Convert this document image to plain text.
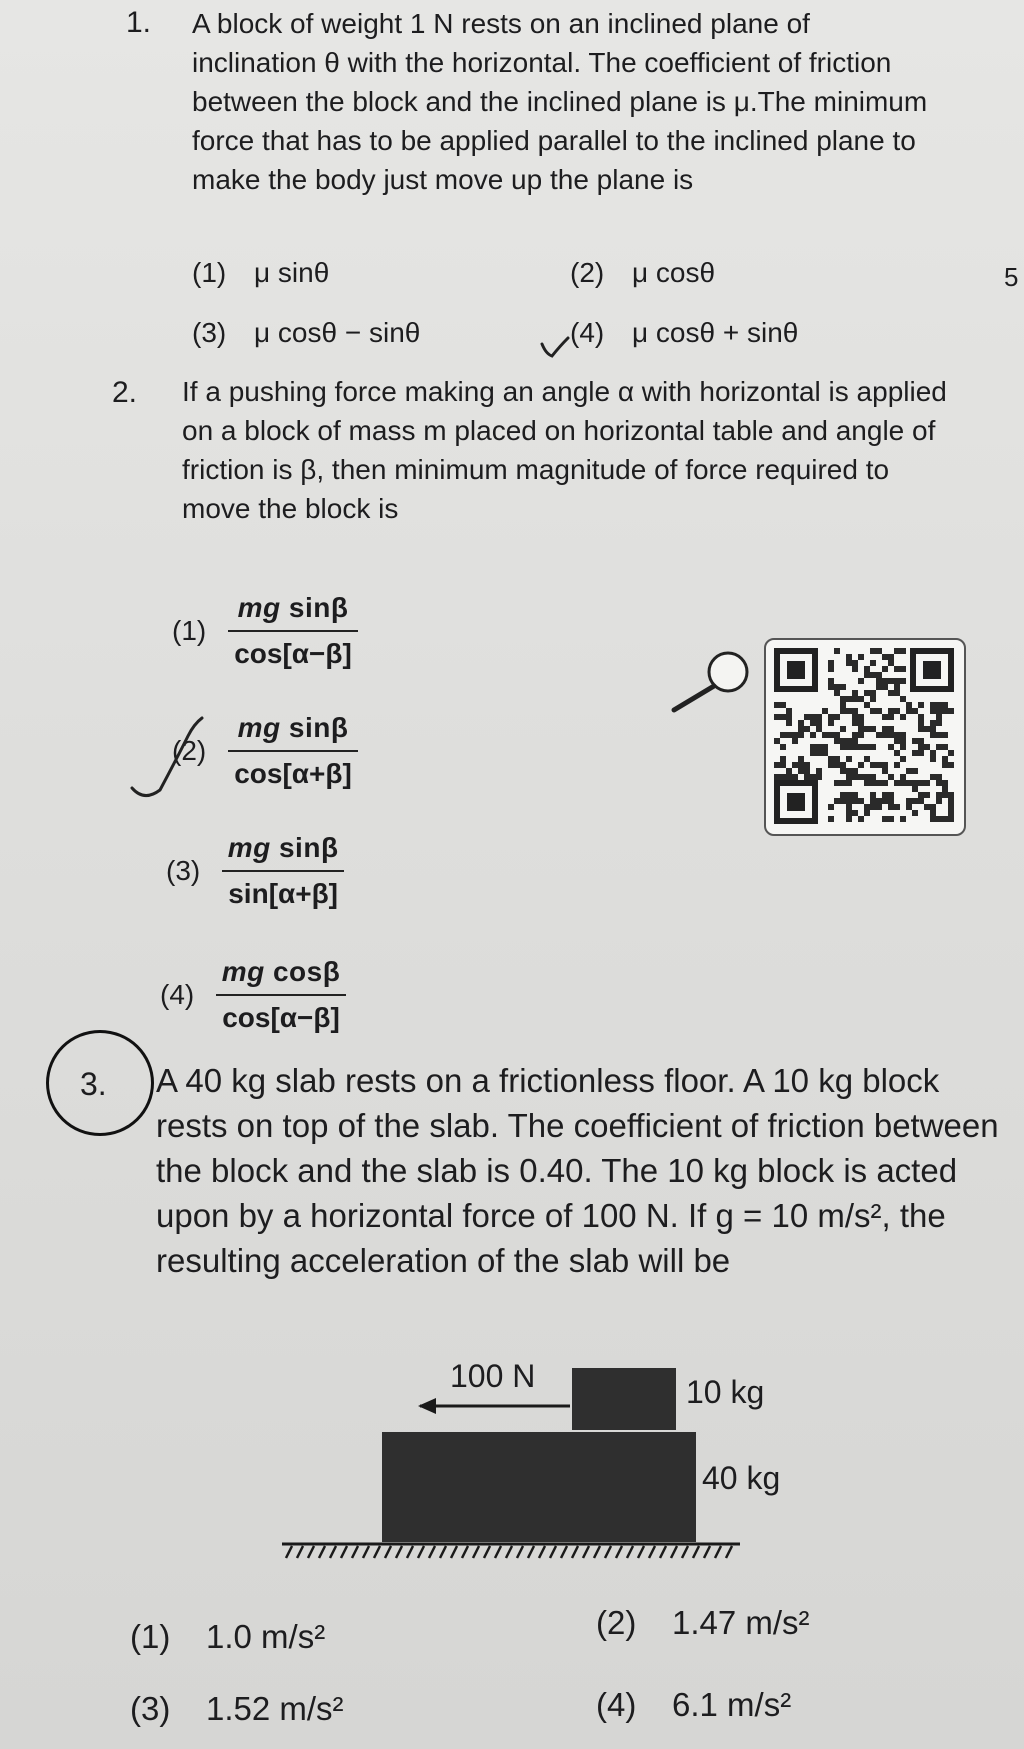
5
1. A block of weight 1 N rests on an inclined plane of inclination θ with the horizontal. The coefficient of friction between the block and the inclined plane is μ.The minimum force that has to be applied parallel to the inclined plane to make the body just move up the plane is
(1) μ sinθ	(2) μ cosθ
(3) μ cosθ − sinθ	(4) μ cosθ + sinθ
2. If a pushing force making an angle α with horizontal is applied on a block of mass m placed on horizontal table and angle of friction is β, then minimum magnitude of force required to move the block is
$(1) \frac{\text{mg sinβ}}{\cos[\alpha-\beta]}$
$(2) \frac{\text{mg sinβ}}{\cos[\alpha+\beta]}$
$(3) \frac{\text{mg sinβ}}{\sin[\alpha+\beta]}$
$(4) \frac{\text{mg cosβ}}{\cos[\alpha-\beta]}$
3. A 40 kg slab rests on a frictionless floor. A 10 kg block rests on top of the slab. The coefficient of friction between the block and the slab is 0.40. The 10 kg block is acted upon by a horizontal force of 100 N. If g = 10 m/s², the resulting acceleration of the slab will be
100 N	10 kg
40 kg
(1) 1.0 m/s²	(2) 1.47 m/s²
(3) 1.52 m/s²	(4) 6.1 m/s²
